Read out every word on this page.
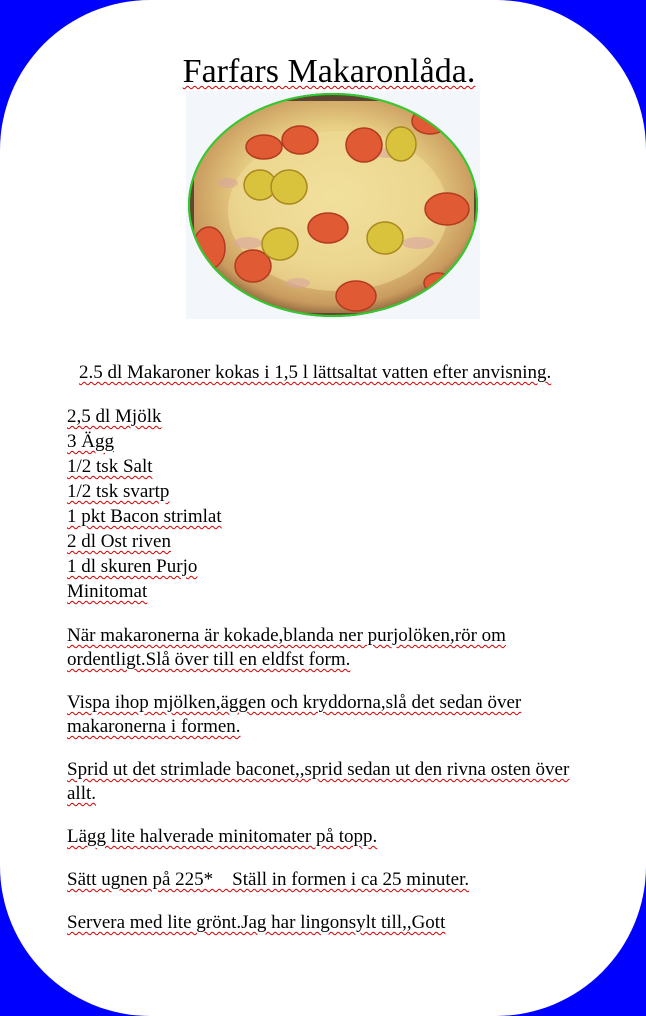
Farfars Makaronlåda.
2.5 dl Makaroner kokas i 1,5 l lättsaltat vatten efter anvisning.
2,5 dl Mjölk
3 Ägg
1/2 tsk Salt
1/2 tsk svartp
1 pkt Bacon strimlat
2 dl Ost riven
1 dl skuren Purjo
Minitomat

När makaronerna är kokade,blanda ner purjolöken,rör om ordentligt.Slå över till en eldfst form.

Vispa ihop mjölken,äggen och kryddorna,slå det sedan över makaronerna i formen.

Sprid ut det strimlade baconet,,sprid sedan ut den rivna osten över allt.

Lägg lite halverade minitomater på topp.

Sätt ugnen på 225*    Ställ in formen i ca 25 minuter.

Servera med lite grönt.Jag har lingonsylt till,,Gott
